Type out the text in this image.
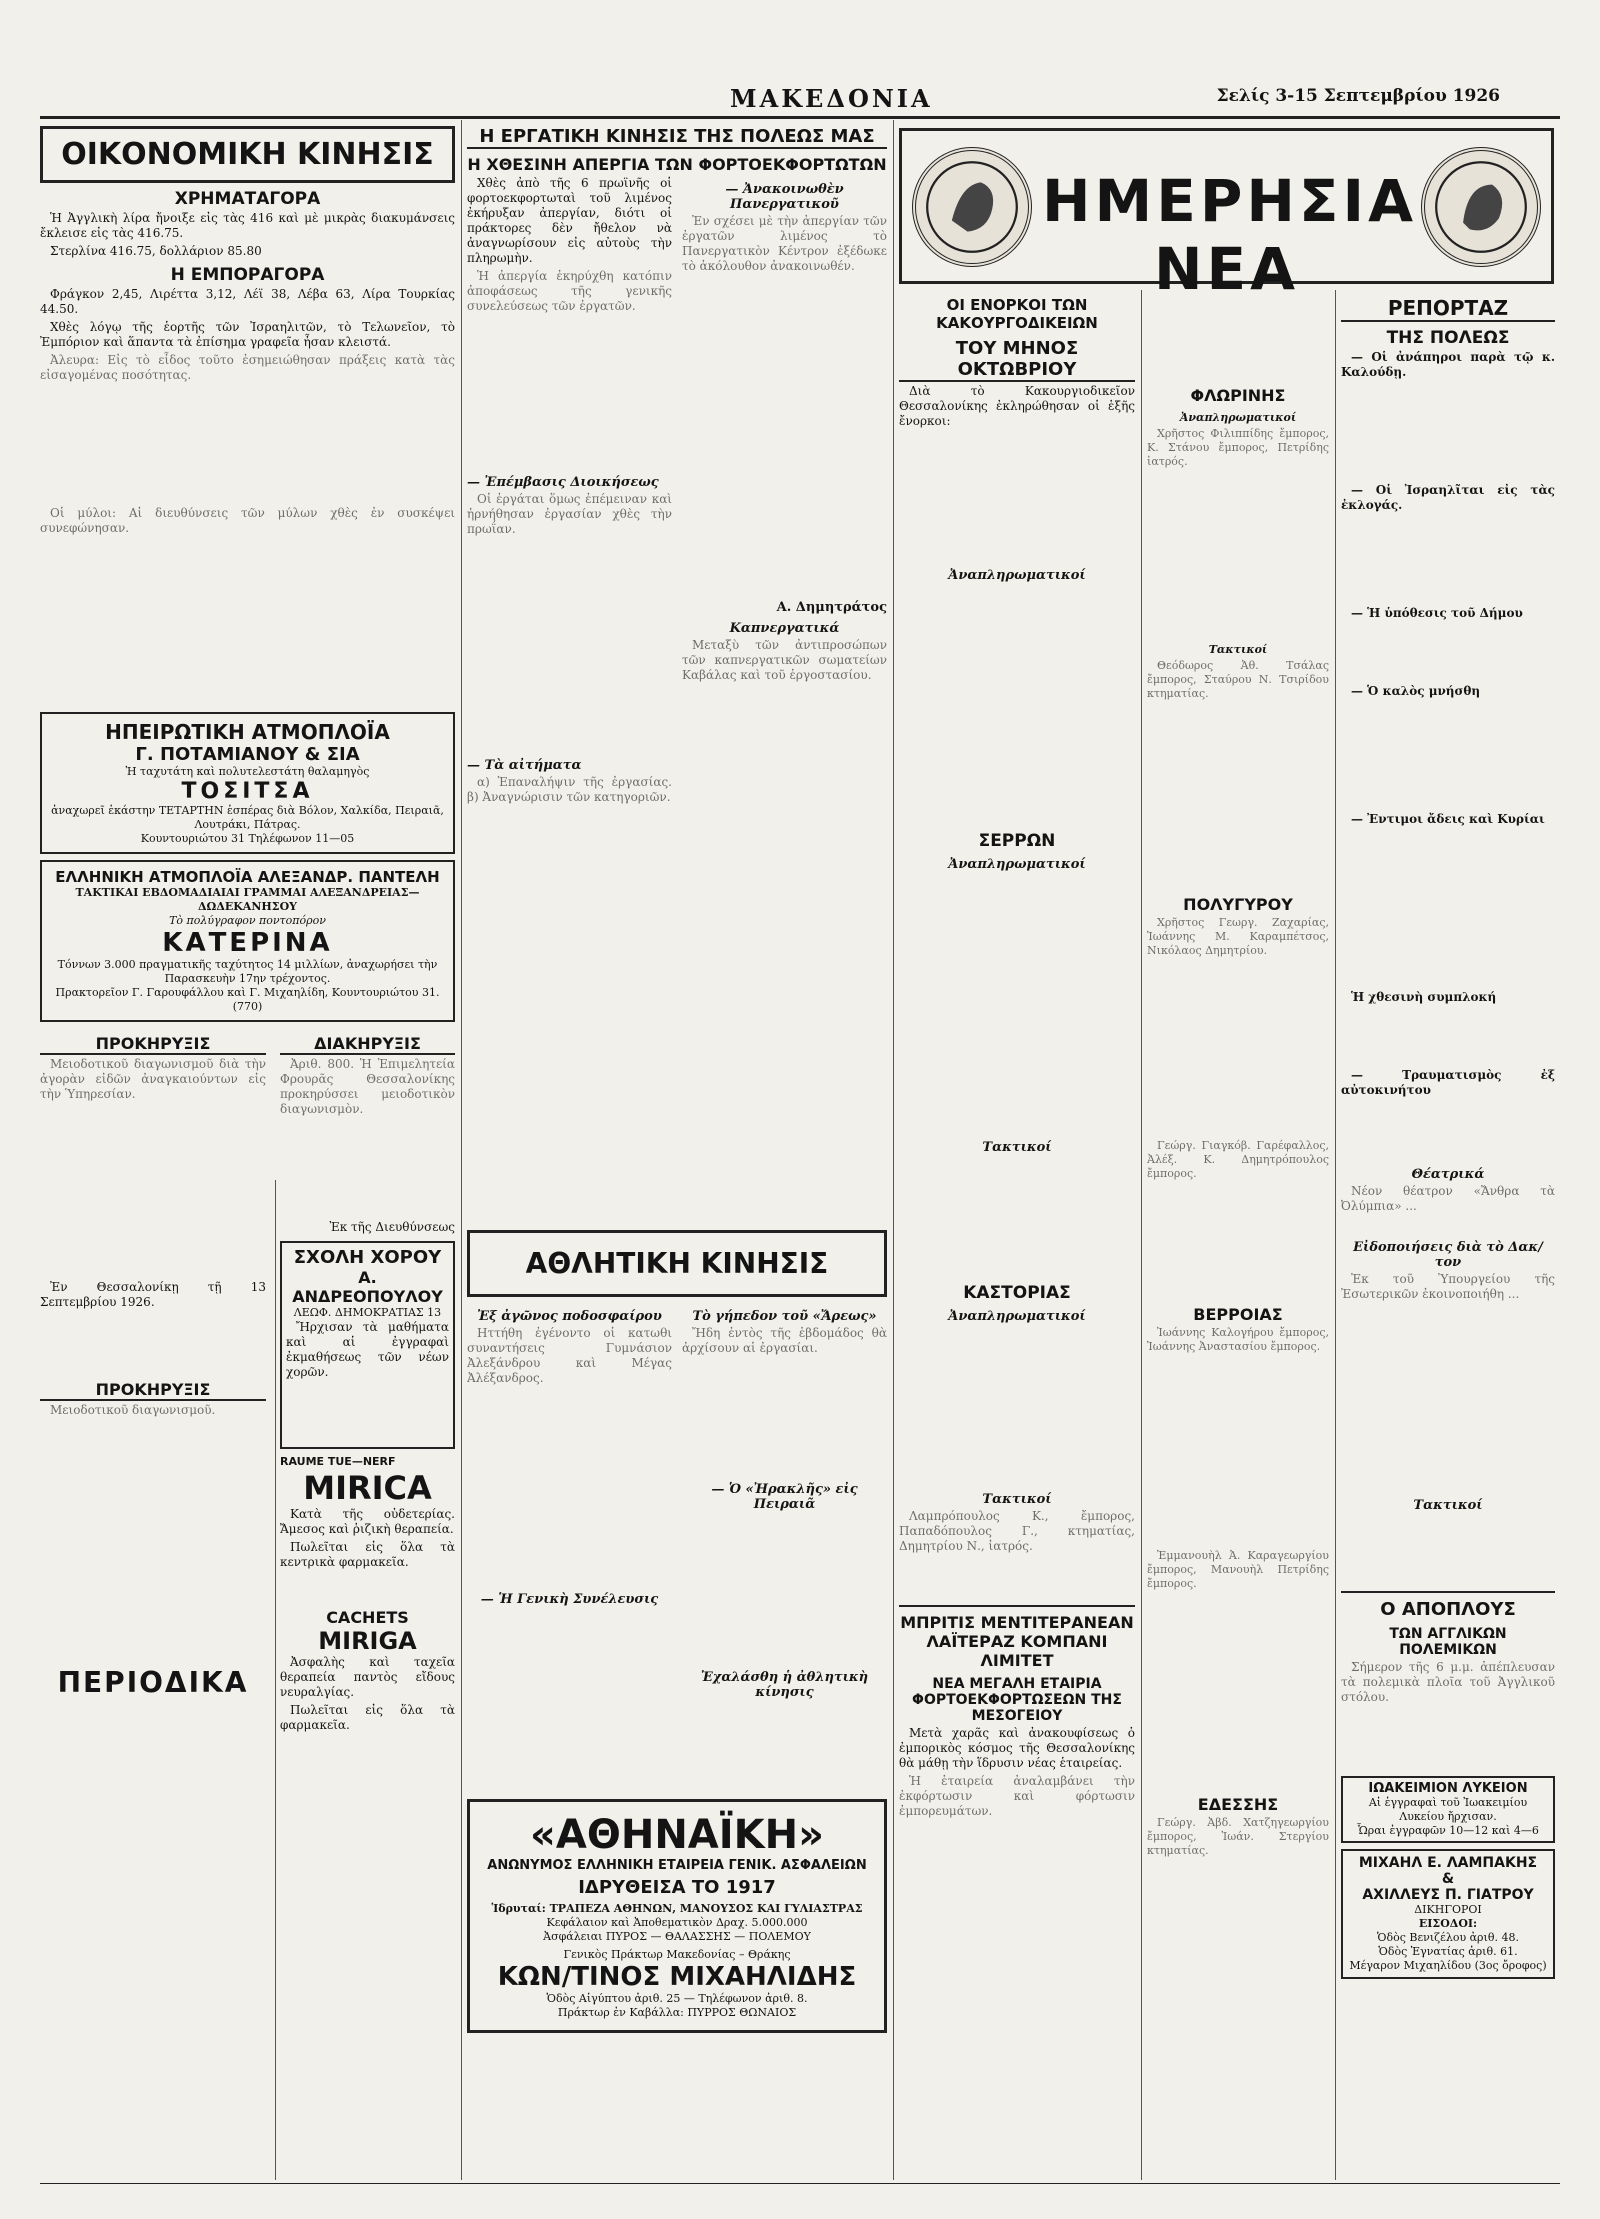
ΜΑΚΕΔΟΝΙΑ	Σελίς 3-15 Σεπτεμβρίου 1926
ΟΙΚΟΝΟΜΙΚΗ ΚΙΝΗΣΙΣ
ΧΡΗΜΑΤΑΓΟΡΑ

Ἡ Ἀγγλικὴ λίρα ἤνοιξε εἰς τὰς 416 καὶ μὲ μικρὰς διακυμάνσεις ἔκλεισε εἰς τὰς 416.75.

Στερλίνα 416.75, δολλάριον 85.80

Η ΕΜΠΟΡΑΓΟΡΑ

Φράγκον 2,45, Λιρέττα 3,12, Λέϊ 38, Λέβα 63, Λίρα Τουρκίας 44.50.

Χθὲς λόγῳ τῆς ἑορτῆς τῶν Ἰσραηλιτῶν, τὸ Τελωνεῖον, τὸ Ἐμπόριον καὶ ἅπαντα τὰ ἐπίσημα γραφεῖα ἦσαν κλειστά.

Ἀλευρα: Εἰς τὸ εἶδος τοῦτο ἐσημειώθησαν πράξεις κατὰ τὰς εἰσαγομένας ποσότητας.

Οἱ μύλοι: Αἱ διευθύνσεις τῶν μύλων χθὲς ἐν συσκέψει συνεφώνησαν.

ΗΠΕΙΡΩΤΙΚΗ ΑΤΜΟΠΛΟΪΑ
Γ. ΠΟΤΑΜΙΑΝΟΥ & ΣΙΑ
Ἡ ταχυτάτη καὶ πολυτελεστάτη θαλαμηγὸς
ΤΟΣΙΤΣΑ
ἀναχωρεῖ ἑκάστην ΤΕΤΑΡΤΗΝ ἑσπέρας διὰ Βόλον, Χαλκίδα, Πειραιᾶ, Λουτράκι, Πάτρας.
Κουντουριώτου 31 Τηλέφωνον 11—05
ΕΛΛΗΝΙΚΗ ΑΤΜΟΠΛΟΪΑ ΑΛΕΞΑΝΔΡ. ΠΑΝΤΕΛΗ
ΤΑΚΤΙΚΑΙ ΕΒΔΟΜΑΔΙΑΙΑΙ ΓΡΑΜΜΑΙ ΑΛΕΞΑΝΔΡΕΙΑΣ—ΔΩΔΕΚΑΝΗΣΟΥ
Τὸ πολύγραφον ποντοπόρον
ΚΑΤΕΡΙΝΑ
Τόννων 3.000 πραγματικῆς ταχύτητος 14 μιλλίων, ἀναχωρήσει τὴν Παρασκευὴν 17ην τρέχοντος.
Πρακτορεῖον Γ. Γαρουφάλλου καὶ Γ. Μιχαηλίδη, Κουντουριώτου 31. (770)
ΠΡΟΚΗΡΥΞΙΣ

Μειοδοτικοῦ διαγωνισμοῦ διὰ τὴν ἀγορὰν εἰδῶν ἀναγκαιούντων εἰς τὴν Ὑπηρεσίαν.

Ἐν Θεσσαλονίκῃ τῇ 13 Σεπτεμβρίου 1926.

ΠΡΟΚΗΡΥΞΙΣ

Μειοδοτικοῦ διαγωνισμοῦ.

ΠΕΡΙΟΔΙΚΑ
ΔΙΑΚΗΡΥΞΙΣ

Ἀριθ. 800. Ἡ Ἐπιμελητεία Φρουρᾶς Θεσσαλονίκης προκηρύσσει μειοδοτικὸν διαγωνισμὸν.

Ἐκ τῆς Διευθύνσεως

ΣΧΟΛΗ ΧΟΡΟΥ
Α. ΑΝΔΡΕΟΠΟΥΛΟΥ
ΛΕΩΦ. ΔΗΜΟΚΡΑΤΙΑΣ 13

Ἤρχισαν τὰ μαθήματα καὶ αἱ ἐγγραφαὶ ἐκμαθήσεως τῶν νέων χορῶν.

RAUME TUE—NERF
MIRICA

Κατὰ τῆς οὐδετερίας. Ἄμεσος καὶ ῥιζικὴ θεραπεία.

Πωλεῖται εἰς ὅλα τὰ κεντρικὰ φαρμακεῖα.

CACHETS MIRIGA

Ἀσφαλὴς καὶ ταχεῖα θεραπεία παντὸς εἴδους νευραλγίας.

Πωλεῖται εἰς ὅλα τὰ φαρμακεῖα.

Η ΕΡΓΑΤΙΚΗ ΚΙΝΗΣΙΣ ΤΗΣ ΠΟΛΕΩΣ ΜΑΣ
Η ΧΘΕΣΙΝΗ ΑΠΕΡΓΙΑ ΤΩΝ ΦΟΡΤΟΕΚΦΟΡΤΩΤΩΝ

Χθὲς ἀπὸ τῆς 6 πρωϊνῆς οἱ φορτοεκφορτωταὶ τοῦ λιμένος ἐκήρυξαν ἀπεργίαν, διότι οἱ πράκτορες δὲν ἤθελον νὰ ἀναγνωρίσουν εἰς αὐτοὺς τὴν πληρωμὴν.

Ἡ ἀπεργία ἐκηρύχθη κατόπιν ἀποφάσεως τῆς γενικῆς συνελεύσεως τῶν ἐργατῶν.

— Ἐπέμβασις Διοικήσεως

Οἱ ἐργάται ὅμως ἐπέμειναν καὶ ἠρνήθησαν ἐργασίαν χθὲς τὴν πρωΐαν.

— Τὰ αἰτήματα

α) Ἐπαναλήψιν τῆς ἐργασίας. β) Ἀναγνώρισιν τῶν κατηγοριῶν.

— Ἀνακοινωθὲν Πανεργατικοῦ

Ἐν σχέσει μὲ τὴν ἀπεργίαν τῶν ἐργατῶν λιμένος τὸ Πανεργατικὸν Κέντρον ἐξέδωκε τὸ ἀκόλουθον ἀνακοινωθέν.

Α. Δημητράτος
Καπνεργατικά

Μεταξὺ τῶν ἀντιπροσώπων τῶν καπνεργατικῶν σωματείων Καβάλας καὶ τοῦ ἐργοστασίου.

ΑΘΛΗΤΙΚΗ ΚΙΝΗΣΙΣ
Ἐξ ἀγῶνος ποδοσφαίρου

Ηττήθη ἐγένοντο οἱ κατωθι συναντήσεις Γυμνάσιον Ἀλεξάνδρου καὶ Μέγας Ἀλέξανδρος.

— Ἡ Γενικὴ Συνέλευσις
Τὸ γήπεδον τοῦ «Ἄρεως»

Ἤδη ἐντὸς τῆς ἑβδομάδος θὰ ἀρχίσουν αἱ ἐργασίαι.

— Ὁ «Ἠρακλῆς» εἰς Πειραιᾶ
Ἐχαλάσθη ἡ ἀθλητικὴ κίνησις
«ΑΘΗΝΑΪΚΗ»
ΑΝΩΝΥΜΟΣ ΕΛΛΗΝΙΚΗ ΕΤΑΙΡΕΙΑ ΓΕΝΙΚ. ΑΣΦΑΛΕΙΩΝ
ΙΔΡΥΘΕΙΣΑ ΤΟ 1917
Ἱδρυταί: ΤΡΑΠΕΖΑ ΑΘΗΝΩΝ, ΜΑΝΟΥΣΟΣ ΚΑΙ ΓΥΛΙΑΣΤΡΑΣ
Κεφάλαιον καὶ Ἀποθεματικὸν Δραχ. 5.000.000
Ἀσφάλειαι ΠΥΡΟΣ — ΘΑΛΑΣΣΗΣ — ΠΟΛΕΜΟΥ
Γενικὸς Πράκτωρ Μακεδονίας – Θράκης
ΚΩΝ/ΤΙΝΟΣ ΜΙΧΑΗΛΙΔΗΣ
Ὁδὸς Αἰγύπτου ἀριθ. 25 — Τηλέφωνον ἀριθ. 8.
Πράκτωρ ἐν Καβάλλα: ΠΥΡΡΟΣ ΘΩΝΑΙΟΣ
ΗΜΕΡΗΣΙΑ ΝΕΑ
ΟΙ ΕΝΟΡΚΟΙ ΤΩΝ ΚΑΚΟΥΡΓΟΔΙΚΕΙΩΝ
ΤΟΥ ΜΗΝΟΣ ΟΚΤΩΒΡΙΟΥ

Διὰ τὸ Κακουργιοδικεῖον Θεσσαλονίκης ἐκληρώθησαν οἱ ἑξῆς ἔνορκοι:

Ἀναπληρωματικοί
ΣΕΡΡΩΝ
Ἀναπληρωματικοί
Τακτικοί
ΚΑΣΤΟΡΙΑΣ
Ἀναπληρωματικοί
Τακτικοί

Λαμπρόπουλος Κ., ἔμπορος, Παπαδόπουλος Γ., κτηματίας, Δημητρίου Ν., ἰατρός.

ΜΠΡΙΤΙΣ ΜΕΝΤΙΤΕΡΑΝΕΑΝ ΛΑΪΤΕΡΑΖ ΚΟΜΠΑΝΙ ΛΙΜΙΤΕΤ
ΝΕΑ ΜΕΓΑΛΗ ΕΤΑΙΡΙΑ ΦΟΡΤΟΕΚΦΟΡΤΩΣΕΩΝ ΤΗΣ ΜΕΣΟΓΕΙΟΥ

Μετὰ χαρᾶς καὶ ἀνακουφίσεως ὁ ἐμπορικὸς κόσμος τῆς Θεσσαλονίκης θὰ μάθῃ τὴν ἵδρυσιν νέας ἑταιρείας.

Ἡ ἑταιρεία ἀναλαμβάνει τὴν ἐκφόρτωσιν καὶ φόρτωσιν ἐμπορευμάτων.

ΦΛΩΡΙΝΗΣ
Ἀναπληρωματικοί

Χρῆστος Φιλιππίδης ἔμπορος, Κ. Στάνου ἔμπορος, Πετρίδης ἰατρός.

Τακτικοί

Θεόδωρος Ἀθ. Τσάλας ἔμπορος, Σταύρου Ν. Τσιρίδου κτηματίας.

ΠΟΛΥΓΥΡΟΥ

Χρῆστος Γεωργ. Ζαχαρίας, Ἰωάννης Μ. Καραμπέτσος, Νικόλαος Δημητρίου.

Γεώργ. Γιαγκόβ. Γαρέφαλλος, Ἀλέξ. Κ. Δημητρόπουλος ἔμπορος.

ΒΕΡΡΟΙΑΣ

Ἰωάννης Καλογήρου ἔμπορος, Ἰωάννης Ἀναστασίου ἔμπορος.

Ἐμμανουὴλ Ἀ. Καραγεωργίου ἔμπορος, Μανουὴλ Πετρίδης ἔμπορος.

ΕΔΕΣΣΗΣ

Γεώργ. Ἀβδ. Χατζηγεωργίου ἔμπορος, Ἰωάν. Στεργίου κτηματίας.

ΡΕΠΟΡΤΑΖ
ΤΗΣ ΠΟΛΕΩΣ

— Οἱ ἀνάπηροι παρὰ τῷ κ. Καλούδῃ.

— Οἱ Ἰσραηλῖται εἰς τὰς ἐκλογάς.

— Ἡ ὑπόθεσις τοῦ Δήμου

— Ὁ καλὸς μνήσθη

— Ἐντιμοι ἄδεις καὶ Κυρίαι

Ἡ χθεσινὴ συμπλοκή

— Τραυματισμὸς ἐξ αὐτοκινήτου

Θέατρικά

Νέον θέατρον «Ἄνθρα τὰ Ὀλύμπια» ...

Εἰδοποιήσεις διὰ τὸ Δακ/τον

Ἐκ τοῦ Ὑπουργείου τῆς Ἐσωτερικῶν ἐκοινοποιήθη ...

Τακτικοί
Ο ΑΠΟΠΛΟΥΣ
ΤΩΝ ΑΓΓΛΙΚΩΝ ΠΟΛΕΜΙΚΩΝ

Σήμερον τῆς 6 μ.μ. ἀπέπλευσαν τὰ πολεμικὰ πλοῖα τοῦ Ἀγγλικοῦ στόλου.

ΙΩΑΚΕΙΜΙΟΝ ΛΥΚΕΙΟΝ
Αἱ ἐγγραφαὶ τοῦ Ἰωακειμίου Λυκείου ἤρχισαν.
Ὧραι ἐγγραφῶν 10—12 καὶ 4—6
ΜΙΧΑΗΛ Ε. ΛΑΜΠΑΚΗΣ
&
ΑΧΙΛΛΕΥΣ Π. ΓΙΑΤΡΟΥ
ΔΙΚΗΓΟΡΟΙ
ΕΙΣΟΔΟΙ:
Ὁδὸς Βενιζέλου ἀριθ. 48.
Ὁδὸς Ἐγνατίας ἀριθ. 61.
Μέγαρον Μιχαηλίδου (3ος ὄροφος)
